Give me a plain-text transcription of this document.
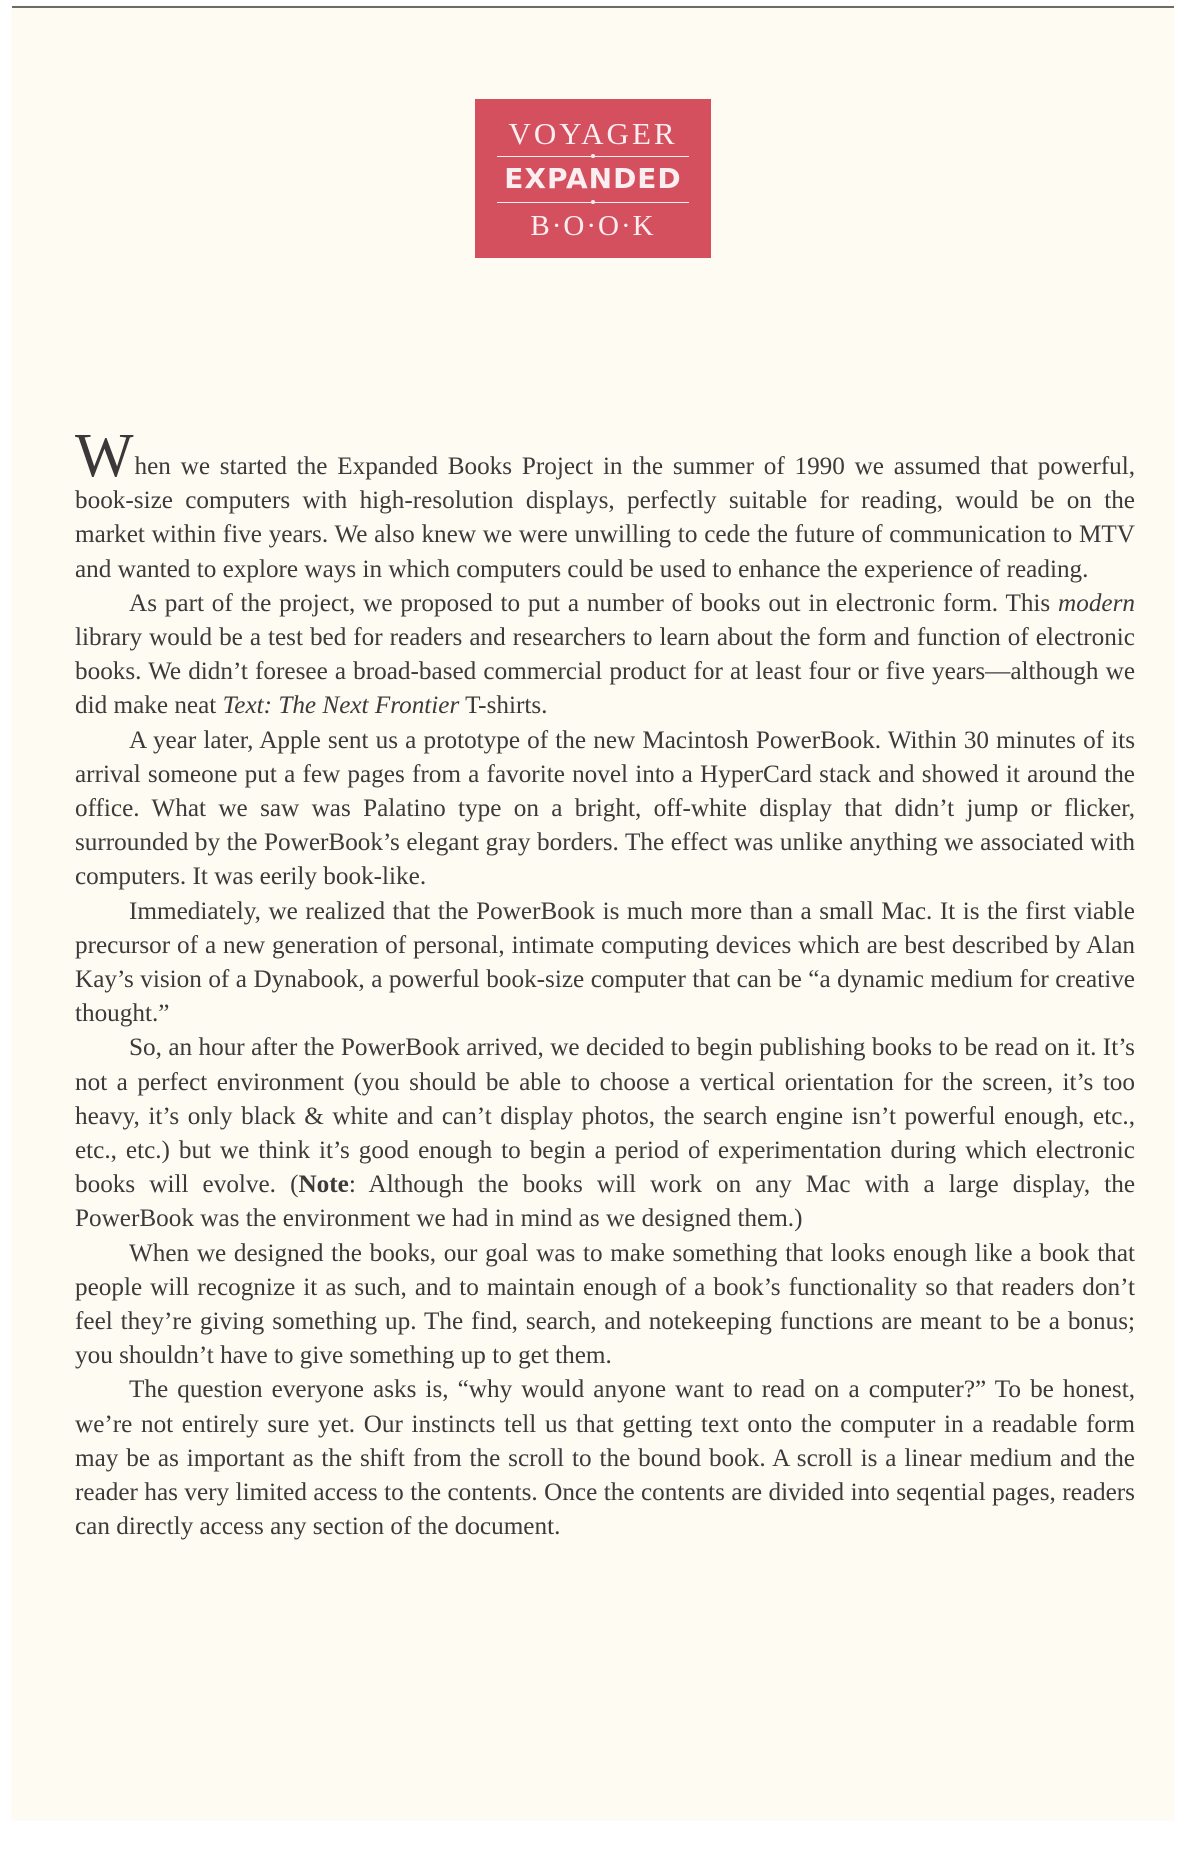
VOYAGER
EXPANDED
B·O·O·K

When we started the Expanded Books Project in the summer of 1990 we assumed that powerful, book-size computers with high-resolution displays, perfectly suitable for reading, would be on the market within five years. We also knew we were unwilling to cede the future of communication to MTV and wanted to explore ways in which computers could be used to enhance the experience of reading.

As part of the project, we proposed to put a number of books out in electronic form. This modern library would be a test bed for readers and researchers to learn about the form and function of electronic books. We didn’t foresee a broad-based commercial product for at least four or five years—although we did make neat Text: The Next Frontier T-shirts.

A year later, Apple sent us a prototype of the new Macintosh PowerBook. Within 30 minutes of its arrival someone put a few pages from a favorite novel into a HyperCard stack and showed it around the office. What we saw was Palatino type on a bright, off-white display that didn’t jump or flicker, surrounded by the PowerBook’s elegant gray borders. The effect was unlike anything we associated with computers. It was eerily book-like.

Immediately, we realized that the PowerBook is much more than a small Mac. It is the first viable precursor of a new generation of personal, intimate computing devices which are best described by Alan Kay’s vision of a Dynabook, a powerful book-size computer that can be “a dynamic medium for creative thought.”

So, an hour after the PowerBook arrived, we decided to begin publishing books to be read on it. It’s not a perfect environment (you should be able to choose a vertical orientation for the screen, it’s too heavy, it’s only black & white and can’t display photos, the search engine isn’t powerful enough, etc., etc., etc.) but we think it’s good enough to begin a period of experimentation during which electronic books will evolve. (Note: Although the books will work on any Mac with a large display, the PowerBook was the environment we had in mind as we designed them.)

When we designed the books, our goal was to make something that looks enough like a book that people will recognize it as such, and to maintain enough of a book’s functionality so that readers don’t feel they’re giving something up. The find, search, and notekeeping functions are meant to be a bonus; you shouldn’t have to give something up to get them.

The question everyone asks is, “why would anyone want to read on a computer?” To be honest, we’re not entirely sure yet. Our instincts tell us that getting text onto the computer in a readable form may be as important as the shift from the scroll to the bound book. A scroll is a linear medium and the reader has very limited access to the contents. Once the contents are divided into seqential pages, readers can directly access any section of the document.
